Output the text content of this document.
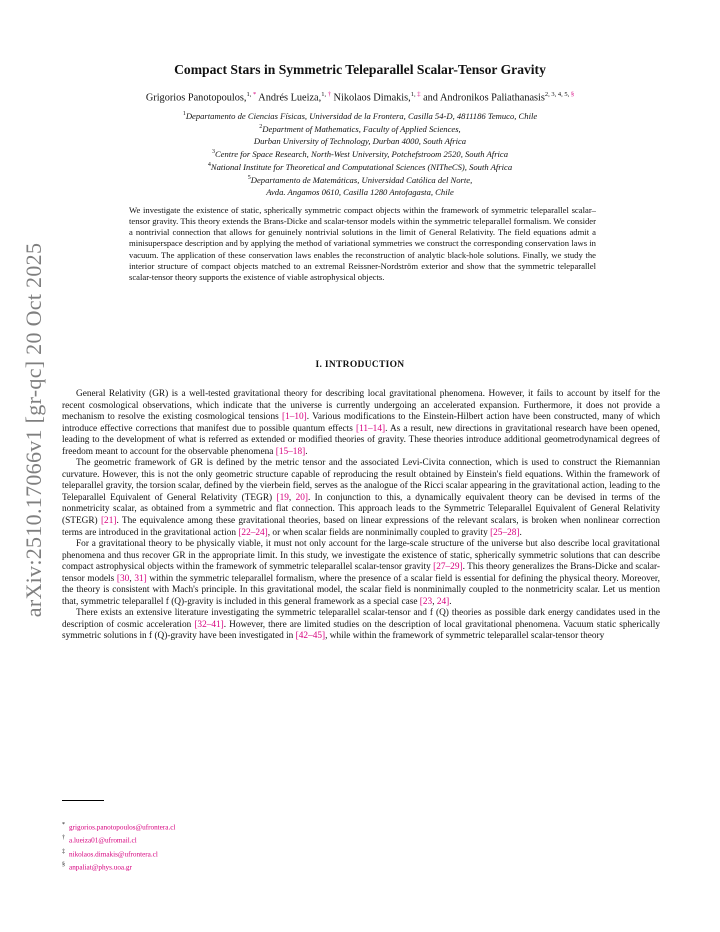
arXiv:2510.17066v1 [gr-qc] 20 Oct 2025
Compact Stars in Symmetric Teleparallel Scalar-Tensor Gravity
Grigorios Panotopoulos,$^{1, *}$ Andrés Lueiza,$^{1, \dagger}$ Nikolaos Dimakis,$^{1, \ddagger}$ and Andronikos Paliathanasis$^{2, 3, 4, 5, \S}$
$^1$Departamento de Ciencias Físicas, Universidad de la Frontera, Casilla 54-D, 4811186 Temuco, Chile
$^2$Department of Mathematics, Faculty of Applied Sciences,
Durban University of Technology, Durban 4000, South Africa
$^3$Centre for Space Research, North-West University, Potchefstroom 2520, South Africa
$^4$National Institute for Theoretical and Computational Sciences (NITheCS), South Africa
$^5$Departamento de Matemáticas, Universidad Católica del Norte,
Avda. Angamos 0610, Casilla 1280 Antofagasta, Chile

We investigate the existence of static, spherically symmetric compact objects within the framework of symmetric teleparallel scalar–tensor gravity. This theory extends the Brans-Dicke and scalar-tensor models within the symmetric teleparallel formalism. We consider a nontrivial connection that allows for genuinely nontrivial solutions in the limit of General Relativity. The field equations admit a minisuperspace description and by applying the method of variational symmetries we construct the corresponding conservation laws in vacuum. The application of these conservation laws enables the reconstruction of analytic black-hole solutions. Finally, we study the interior structure of compact objects matched to an extremal Reissner-Nordström exterior and show that the symmetric teleparallel scalar-tensor theory supports the existence of viable astrophysical objects.

I. INTRODUCTION

General Relativity (GR) is a well-tested gravitational theory for describing local gravitational phenomena. However, it fails to account by itself for the recent cosmological observations, which indicate that the universe is currently undergoing an accelerated expansion. Furthermore, it does not provide a mechanism to resolve the existing cosmological tensions [1–10]. Various modifications to the Einstein-Hilbert action have been constructed, many of which introduce effective corrections that manifest due to possible quantum effects [11–14]. As a result, new directions in gravitational research have been opened, leading to the development of what is referred as extended or modified theories of gravity. These theories introduce additional geometrodynamical degrees of freedom meant to account for the observable phenomena [15–18].

The geometric framework of GR is defined by the metric tensor and the associated Levi-Civita connection, which is used to construct the Riemannian curvature. However, this is not the only geometric structure capable of reproducing the result obtained by Einstein's field equations. Within the framework of teleparallel gravity, the torsion scalar, defined by the vierbein field, serves as the analogue of the Ricci scalar appearing in the gravitational action, leading to the Teleparallel Equivalent of General Relativity (TEGR) [19, 20]. In conjunction to this, a dynamically equivalent theory can be devised in terms of the nonmetricity scalar, as obtained from a symmetric and flat connection. This approach leads to the Symmetric Teleparallel Equivalent of General Relativity (STEGR) [21]. The equivalence among these gravitational theories, based on linear expressions of the relevant scalars, is broken when nonlinear correction terms are introduced in the gravitational action [22–24], or when scalar fields are nonminimally coupled to gravity [25–28].

For a gravitational theory to be physically viable, it must not only account for the large-scale structure of the universe but also describe local gravitational phenomena and thus recover GR in the appropriate limit. In this study, we investigate the existence of static, spherically symmetric solutions that can describe compact astrophysical objects within the framework of symmetric teleparallel scalar-tensor gravity [27–29]. This theory generalizes the Brans-Dicke and scalar-tensor models [30, 31] within the symmetric teleparallel formalism, where the presence of a scalar field is essential for defining the physical theory. Moreover, the theory is consistent with Mach's principle. In this gravitational model, the scalar field is nonminimally coupled to the nonmetricity scalar. Let us mention that, symmetric teleparallel f (Q)-gravity is included in this general framework as a special case [23, 24].

There exists an extensive literature investigating the symmetric teleparallel scalar-tensor and f (Q) theories as possible dark energy candidates used in the description of cosmic acceleration [32–41]. However, there are limited studies on the description of local gravitational phenomena. Vacuum static spherically symmetric solutions in f (Q)-gravity have been investigated in [42–45], while within the framework of symmetric teleparallel scalar-tensor theory

* grigorios.panotopoulos@ufrontera.cl
† a.lueiza01@ufromail.cl
‡ nikolaos.dimakis@ufrontera.cl
§ anpaliat@phys.uoa.gr
